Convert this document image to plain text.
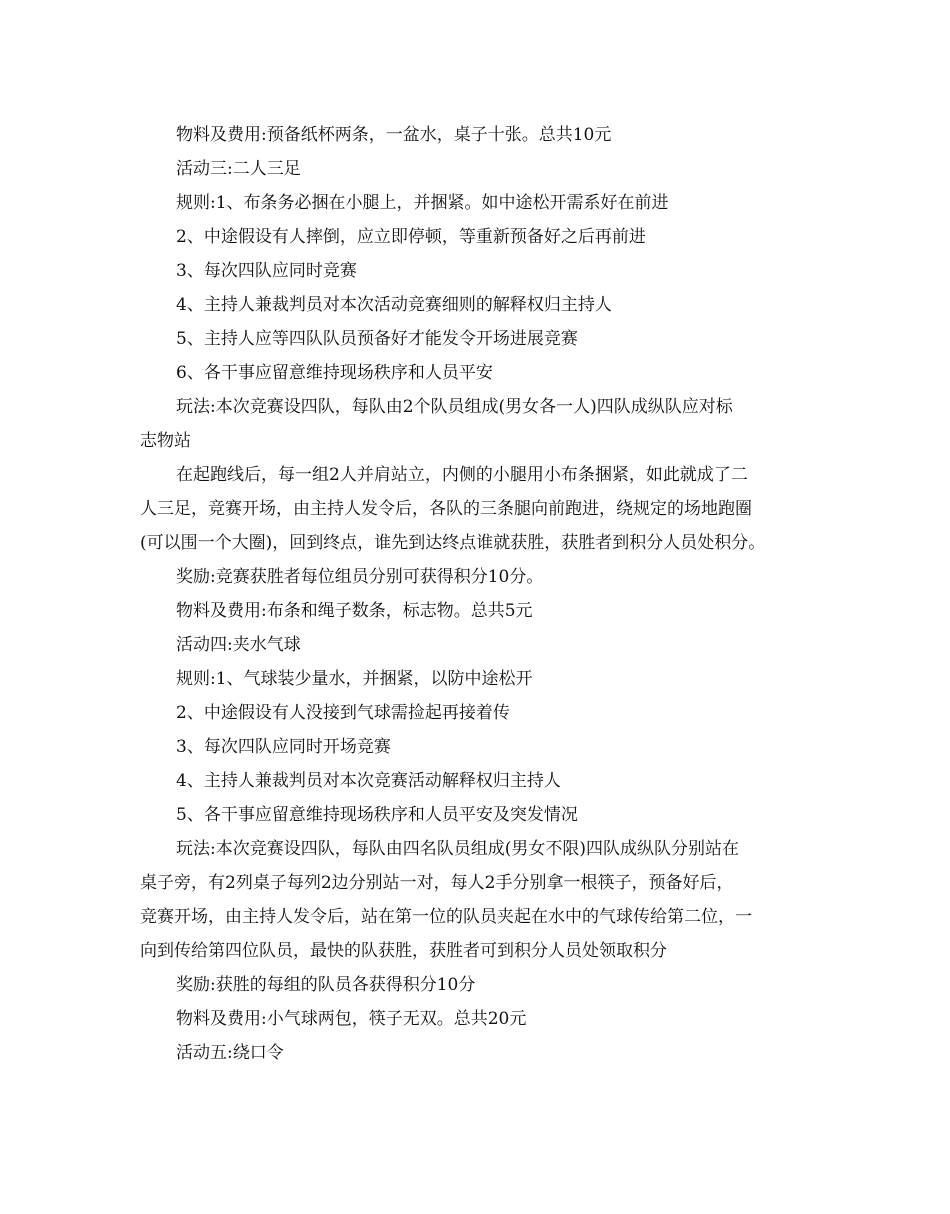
物料及费用:预备纸杯两条，一盆水，桌子十张。总共10元
活动三:二人三足
规则:1、布条务必捆在小腿上，并捆紧。如中途松开需系好在前进
2、中途假设有人摔倒，应立即停顿，等重新预备好之后再前进
3、每次四队应同时竞赛
4、主持人兼裁判员对本次活动竞赛细则的解释权归主持人
5、主持人应等四队队员预备好才能发令开场进展竞赛
6、各干事应留意维持现场秩序和人员平安
玩法:本次竞赛设四队，每队由2个队员组成(男女各一人)四队成纵队应对标
志物站
在起跑线后，每一组2人并肩站立，内侧的小腿用小布条捆紧，如此就成了二
人三足，竞赛开场，由主持人发令后，各队的三条腿向前跑进，绕规定的场地跑圈
(可以围一个大圈)，回到终点，谁先到达终点谁就获胜，获胜者到积分人员处积分。
奖励:竞赛获胜者每位组员分别可获得积分10分。
物料及费用:布条和绳子数条，标志物。总共5元
活动四:夹水气球
规则:1、气球装少量水，并捆紧，以防中途松开
2、中途假设有人没接到气球需捡起再接着传
3、每次四队应同时开场竞赛
4、主持人兼裁判员对本次竞赛活动解释权归主持人
5、各干事应留意维持现场秩序和人员平安及突发情况
玩法:本次竞赛设四队，每队由四名队员组成(男女不限)四队成纵队分别站在
桌子旁，有2列桌子每列2边分别站一对，每人2手分别拿一根筷子，预备好后，
竞赛开场，由主持人发令后，站在第一位的队员夹起在水中的气球传给第二位，一
向到传给第四位队员，最快的队获胜，获胜者可到积分人员处领取积分
奖励:获胜的每组的队员各获得积分10分
物料及费用:小气球两包，筷子无双。总共20元
活动五:绕口令
